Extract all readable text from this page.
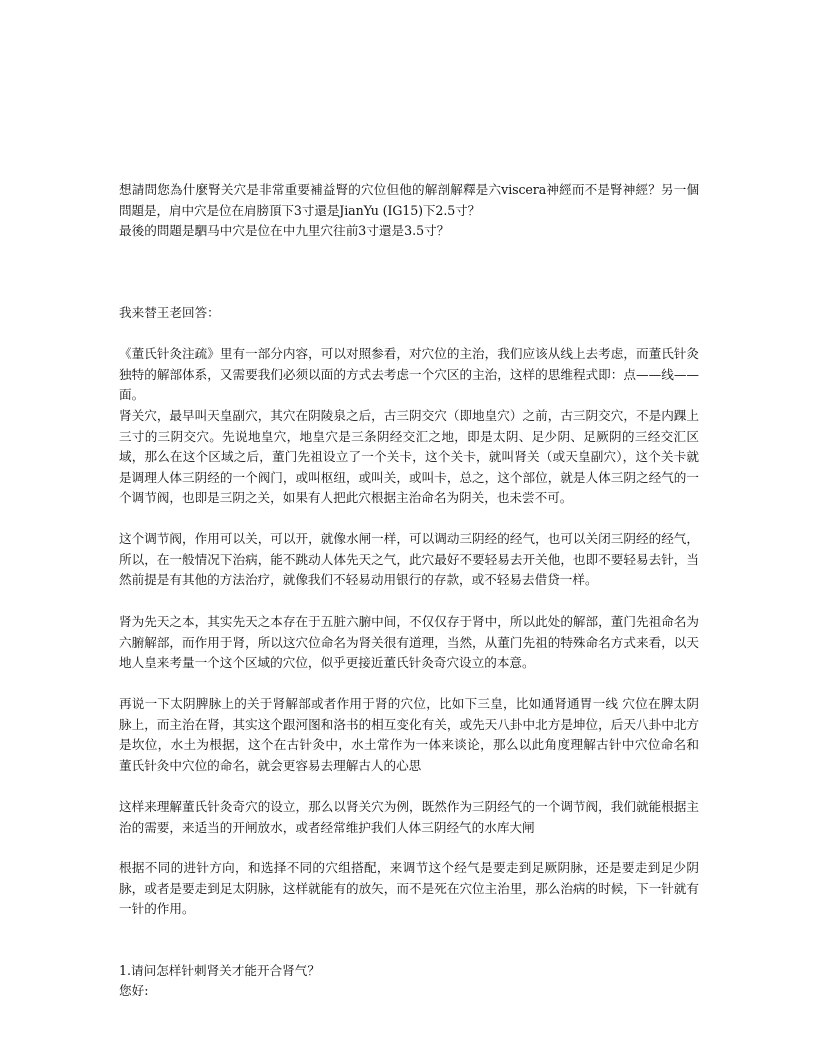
想請問您為什麼腎关穴是非常重要補益腎的穴位但他的解剖解釋是六viscera神經而不是腎神經？另一個問題是，肩中穴是位在肩膀頂下3寸還是JianYu (IG15)下2.5寸？

最後的問題是駟马中穴是位在中九里穴往前3寸還是3.5寸？

我来替王老回答：

《董氏针灸注疏》里有一部分内容，可以对照参看，对穴位的主治，我们应该从线上去考虑，而董氏针灸独特的解部体系，又需要我们必须以面的方式去考虑一个穴区的主治，这样的思维程式即：点——线——面。

肾关穴，最早叫天皇副穴，其穴在阴陵泉之后，古三阴交穴（即地皇穴）之前，古三阴交穴，不是内踝上三寸的三阴交穴。先说地皇穴，地皇穴是三条阴经交汇之地，即是太阴、足少阴、足厥阴的三经交汇区域，那么在这个区域之后，董门先祖设立了一个关卡，这个关卡，就叫肾关（或天皇副穴），这个关卡就是调理人体三阴经的一个阀门，或叫枢纽，或叫关，或叫卡，总之，这个部位，就是人体三阴之经气的一个调节阀，也即是三阴之关，如果有人把此穴根据主治命名为阴关，也未尝不可。

这个调节阀，作用可以关，可以开，就像水闸一样，可以调动三阴经的经气，也可以关闭三阴经的经气，所以，在一般情况下治病，能不跳动人体先天之气，此穴最好不要轻易去开关他，也即不要轻易去针，当然前提是有其他的方法治疗，就像我们不轻易动用银行的存款，或不轻易去借贷一样。

肾为先天之本，其实先天之本存在于五脏六腑中间，不仅仅存于肾中，所以此处的解部，董门先祖命名为六腑解部，而作用于肾，所以这穴位命名为肾关很有道理，当然，从董门先祖的特殊命名方式来看，以天地人皇来考量一个这个区域的穴位，似乎更接近董氏针灸奇穴设立的本意。

再说一下太阴脾脉上的关于肾解部或者作用于肾的穴位，比如下三皇，比如通肾通胃一线 穴位在脾太阴脉上，而主治在肾，其实这个跟河图和洛书的相互变化有关，或先天八卦中北方是坤位，后天八卦中北方是坎位，水土为根据，这个在古针灸中，水土常作为一体来谈论，那么以此角度理解古针中穴位命名和 董氏针灸中穴位的命名，就会更容易去理解古人的心思

这样来理解董氏针灸奇穴的设立，那么以肾关穴为例，既然作为三阴经气的一个调节阀，我们就能根据主治的需要，来适当的开闸放水，或者经常维护我们人体三阴经气的水库大闸

根据不同的进针方向，和选择不同的穴组搭配，来调节这个经气是要走到足厥阴脉，还是要走到足少阴脉，或者是要走到足太阴脉，这样就能有的放矢，而不是死在穴位主治里，那么治病的时候，下一针就有一针的作用。

1.请问怎样针刺肾关才能开合肾气？

您好:
